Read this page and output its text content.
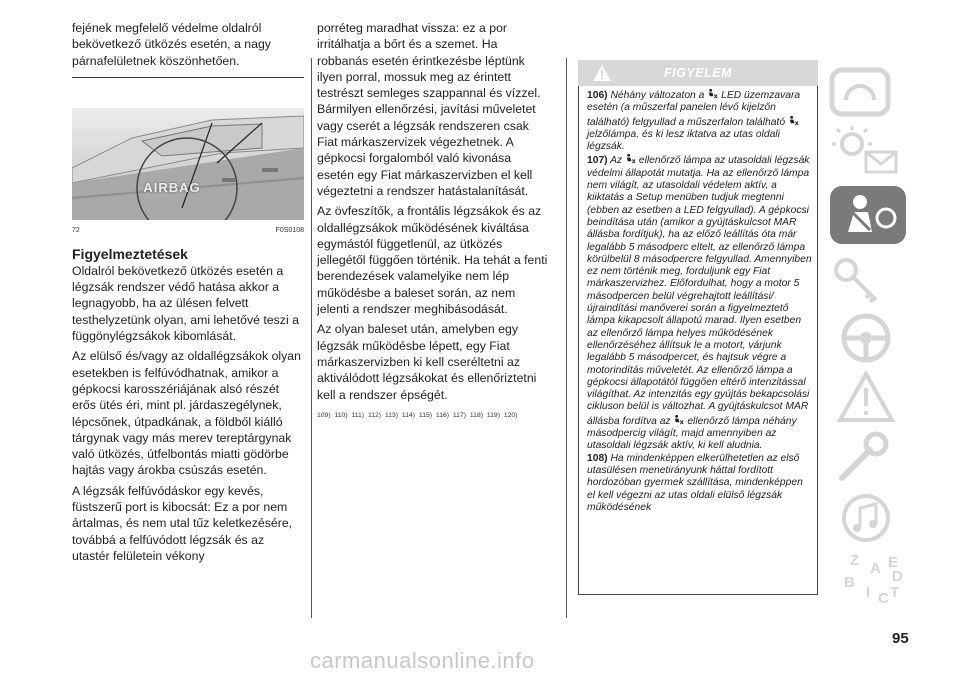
fejének megfelelő védelme oldalról bekövetkező ütközés esetén, a nagy párnafelületnek köszönhetően.

AIRBAG
72	F0S0108
Figyelmeztetések

Oldalról bekövetkező ütközés esetén a légzsák rendszer védő hatása akkor a legnagyobb, ha az ülésen felvett testhelyzetünk olyan, ami lehetővé teszi a függönylégzsákok kibomlását.

Az elülső és/vagy az oldallégzsákok olyan esetekben is felfúvódhatnak, amikor a gépkocsi karosszériájának alsó részét erős ütés éri, mint pl. járdaszegélynek, lépcsőnek, útpadkának, a földből kiálló tárgynak vagy más merev tereptárgynak való ütközés, útfelbontás miatti gödörbe hajtás vagy árokba csúszás esetén.

A légzsák felfúvódáskor egy kevés, füstszerű port is kibocsát: Ez a por nem ártalmas, és nem utal tűz keletkezésére, továbbá a felfúvódott légzsák és az utastér felületein vékony

porréteg maradhat vissza: ez a por irritálhatja a bőrt és a szemet. Ha robbanás esetén érintkezésbe léptünk ilyen porral, mossuk meg az érintett testrészt semleges szappannal és vízzel. Bármilyen ellenőrzési, javítási műveletet vagy cserét a légzsák rendszeren csak Fiat márkaszervizek végezhetnek. A gépkocsi forgalomból való kivonása esetén egy Fiat márkaszervizben el kell végeztetni a rendszer hatástalanítását.

Az övfeszítők, a frontális légzsákok és az oldallégzsákok működésének kiváltása egymástól függetlenül, az ütközés jellegétől függően történik. Ha tehát a fenti berendezések valamelyike nem lép működésbe a baleset során, az nem jelenti a rendszer meghibásodását.

Az olyan baleset után, amelyben egy légzsák működésbe lépett, egy Fiat márkaszervizben ki kell cseréltetni az aktiválódott légzsákokat és ellenőriztetni kell a rendszer épségét.

109) 110) 111) 112) 113) 114) 115) 116) 117) 118) 119) 120)
FIGYELEM

106) Néhány változaton a LED üzemzavara esetén (a műszerfal panelen lévő kijelzőn található) felgyullad a műszerfalon található  jelzőlámpa, és ki lesz iktatva az utas oldali légzsák.

107) Az ellenőrző lámpa az utasoldali légzsák védelmi állapotát mutatja. Ha az ellenőrző lámpa nem világít, az utasoldali védelem aktív, a kiiktatás a Setup menüben tudjuk megtenni (ebben az esetben a LED felgyullad). A gépkocsi beindítása után (amikor a gyújtáskulcsot MAR állásba fordítjuk), ha az előző leállítás óta már legalább 5 másodperc eltelt, az ellenőrző lámpa körülbelül 8 másodpercre felgyullad. Amennyiben ez nem történik meg, forduljunk egy Fiat márkaszervizhez. Előfordulhat, hogy a motor 5 másodpercen belül végrehajtott leállítási/újraindítási manőverei során a figyelmeztető lámpa kikapcsolt állapotú marad. Ilyen esetben az ellenőrző lámpa helyes működésének ellenőrzéséhez állítsuk le a motort, várjunk legalább 5 másodpercet, és hajtsuk végre a motorindítás műveletét. Az ellenőrző lámpa a gépkocsi állapotától függően eltérő intenzitással világíthat. Az intenzitás egy gyújtás bekapcsolási cikluson belül is változhat. A gyújtáskulcsot MAR állásba fordítva az ellenőrző lámpa néhány másodpercig világít, majd amennyiben az utasoldali légzsák aktív, ki kell aludnia.

108) Ha mindenképpen elkerülhetetlen az első utasülésen menetirányunk háttal fordított hordozóban gyermek szállítása, mindenképpen el kell végezni az utas oldali elülső légzsák működésének

Z A E
B
I C T
D
95
carmanualsonline.info
